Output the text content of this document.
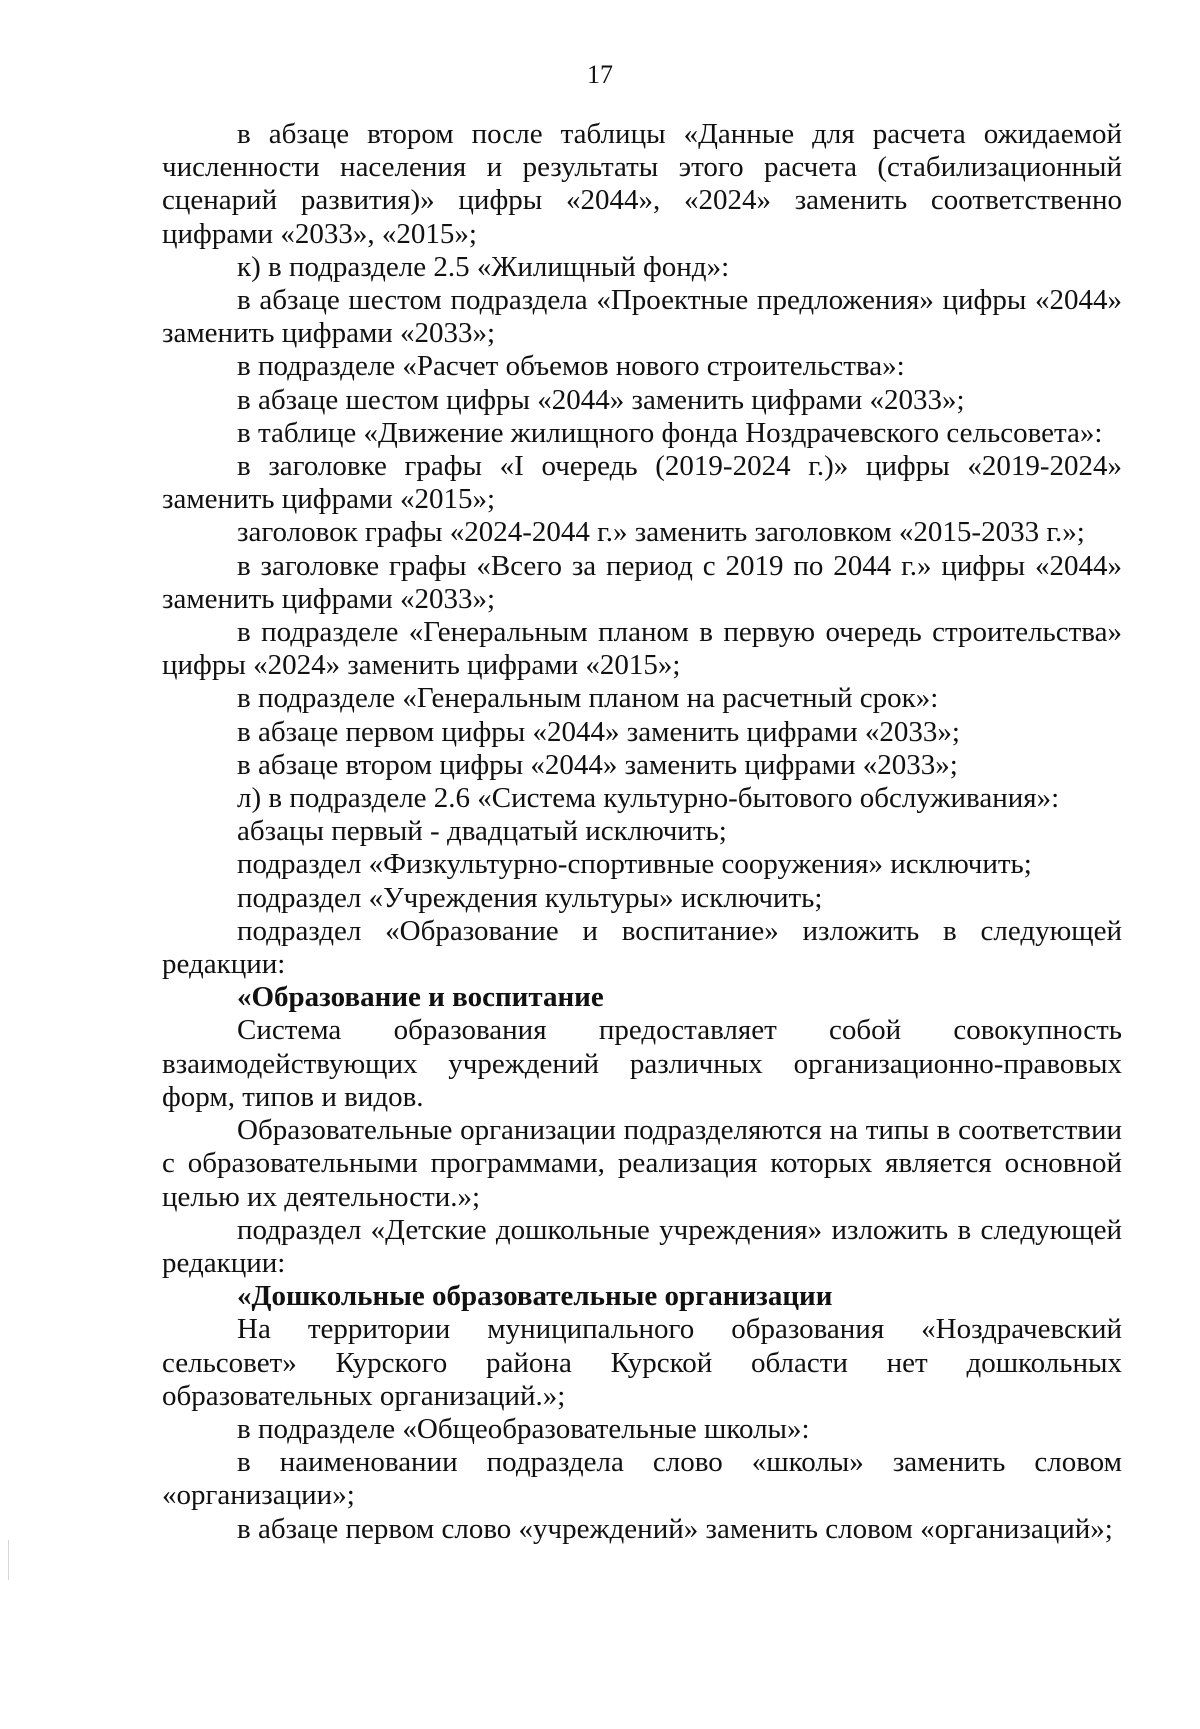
17

в абзаце втором после таблицы «Данные для расчета ожидаемой численности населения и результаты этого расчета (стабилизационный сценарий развития)» цифры «2044», «2024» заменить соответственно цифрами «2033», «2015»;

к) в подразделе 2.5 «Жилищный фонд»:

в абзаце шестом подраздела «Проектные предложения» цифры «2044» заменить цифрами «2033»;

в подразделе «Расчет объемов нового строительства»:

в абзаце шестом цифры «2044» заменить цифрами «2033»;

в таблице «Движение жилищного фонда Ноздрачевского сельсовета»:

в заголовке графы «I очередь (2019-2024 г.)» цифры «2019-2024» заменить цифрами «2015»;

заголовок графы «2024-2044 г.» заменить заголовком «2015-2033 г.»;

в заголовке графы «Всего за период с 2019 по 2044 г.» цифры «2044» заменить цифрами «2033»;

в подразделе «Генеральным планом в первую очередь строительства» цифры «2024» заменить цифрами «2015»;

в подразделе «Генеральным планом на расчетный срок»:

в абзаце первом цифры «2044» заменить цифрами «2033»;

в абзаце втором цифры «2044» заменить цифрами «2033»;

л) в подразделе 2.6 «Система культурно-бытового обслуживания»:

абзацы первый - двадцатый исключить;

подраздел «Физкультурно-спортивные сооружения» исключить;

подраздел «Учреждения культуры» исключить;

подраздел «Образование и воспитание» изложить в следующей редакции:

«Образование и воспитание

Система образования предоставляет собой совокупность взаимодействующих учреждений различных организационно-правовых форм, типов и видов.

Образовательные организации подразделяются на типы в соответствии с образовательными программами, реализация которых является основной целью их деятельности.»;

подраздел «Детские дошкольные учреждения» изложить в следующей редакции:

«Дошкольные образовательные организации

На территории муниципального образования «Ноздрачевский сельсовет» Курского района Курской области нет дошкольных образовательных организаций.»;

в подразделе «Общеобразовательные школы»:

в наименовании подраздела слово «школы» заменить словом «организации»;

в абзаце первом слово «учреждений» заменить словом «организаций»;
